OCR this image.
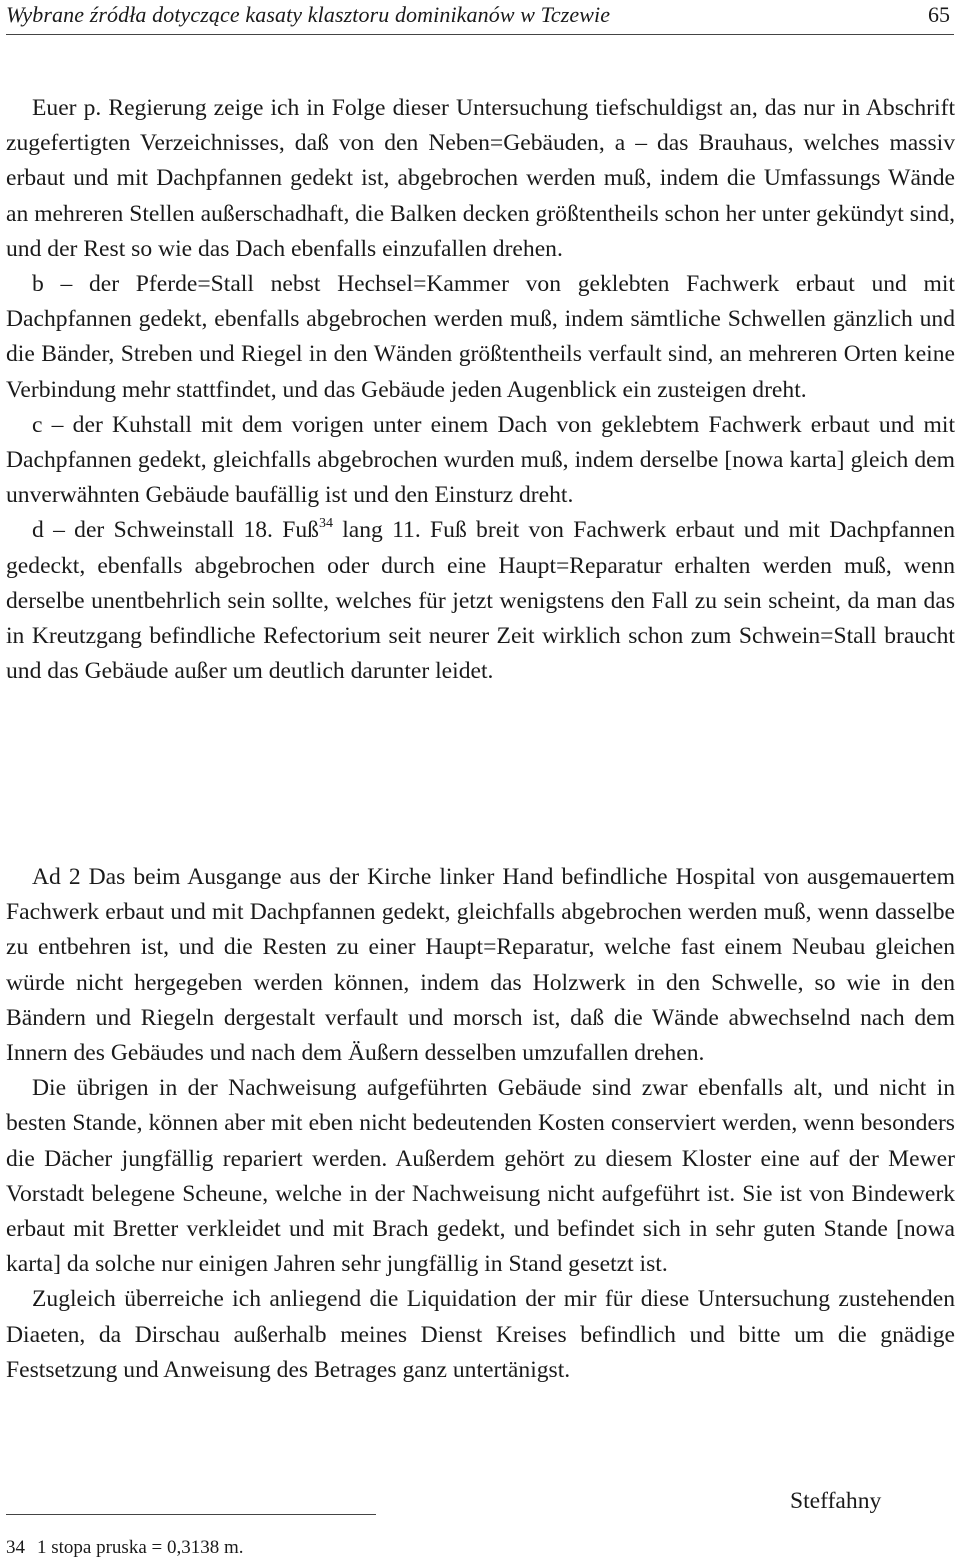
Wybrane źródła dotyczące kasaty klasztoru dominikanów w Tczewie	65

Euer p. Regierung zeige ich in Folge dieser Untersuchung tiefschuldigst an, das nur in Abschrift zugefertigten Verzeichnisses, daß von den Neben=Gebäuden, a – das Brauhaus, welches massiv erbaut und mit Dachpfannen gedekt ist, abgebrochen werden muß, indem die Umfassungs Wände an mehreren Stellen außerschadhaft, die Balken decken größtentheils schon her unter gekündyt sind, und der Rest so wie das Dach ebenfalls einzufallen drehen.

b – der Pferde=Stall nebst Hechsel=Kammer von geklebten Fachwerk erbaut und mit Dachpfannen gedekt, ebenfalls abgebrochen werden muß, indem sämtliche Schwellen gänzlich und die Bänder, Streben und Riegel in den Wänden größtentheils verfault sind, an mehreren Orten keine Verbindung mehr stattfindet, und das Gebäude jeden Augenblick ein zusteigen dreht.

c – der Kuhstall mit dem vorigen unter einem Dach von geklebtem Fachwerk erbaut und mit Dachpfannen gedekt, gleichfalls abgebrochen wurden muß, indem derselbe [nowa karta] gleich dem unverwähnten Gebäude baufällig ist und den Einsturz dreht.

d – der Schweinstall 18. Fuß$^{34}$ lang 11. Fuß breit von Fachwerk erbaut und mit Dachpfannen gedeckt, ebenfalls abgebrochen oder durch eine Haupt=Reparatur erhalten werden muß, wenn derselbe unentbehrlich sein sollte, welches für jetzt wenigstens den Fall zu sein scheint, da man das in Kreutzgang befindliche Refectorium seit neurer Zeit wirklich schon zum Schwein=Stall braucht und das Gebäude außer um deutlich darunter leidet.

Ad 2 Das beim Ausgange aus der Kirche linker Hand befindliche Hospital von ausgemauertem Fachwerk erbaut und mit Dachpfannen gedekt, gleichfalls abgebrochen werden muß, wenn dasselbe zu entbehren ist, und die Resten zu einer Haupt=Reparatur, welche fast einem Neubau gleichen würde nicht hergegeben werden können, indem das Holzwerk in den Schwelle, so wie in den Bändern und Riegeln dergestalt verfault und morsch ist, daß die Wände abwechselnd nach dem Innern des Gebäudes und nach dem Äußern desselben umzufallen drehen.

Die übrigen in der Nachweisung aufgeführten Gebäude sind zwar ebenfalls alt, und nicht in besten Stande, können aber mit eben nicht bedeutenden Kosten conserviert werden, wenn besonders die Dächer jungfällig repariert werden. Außerdem gehört zu diesem Kloster eine auf der Mewer Vorstadt belegene Scheune, welche in der Nachweisung nicht aufgeführt ist. Sie ist von Bindewerk erbaut mit Bretter verkleidet und mit Brach gedekt, und befindet sich in sehr guten Stande [nowa karta] da solche nur einigen Jahren sehr jungfällig in Stand gesetzt ist.

Zugleich überreiche ich anliegend die Liquidation der mir für diese Untersuchung zustehenden Diaeten, da Dirschau außerhalb meines Dienst Kreises befindlich und bitte um die gnädige Festsetzung und Anweisung des Betrages ganz untertänigst.

Steffahny
34 1 stopa pruska = 0,3138 m.
